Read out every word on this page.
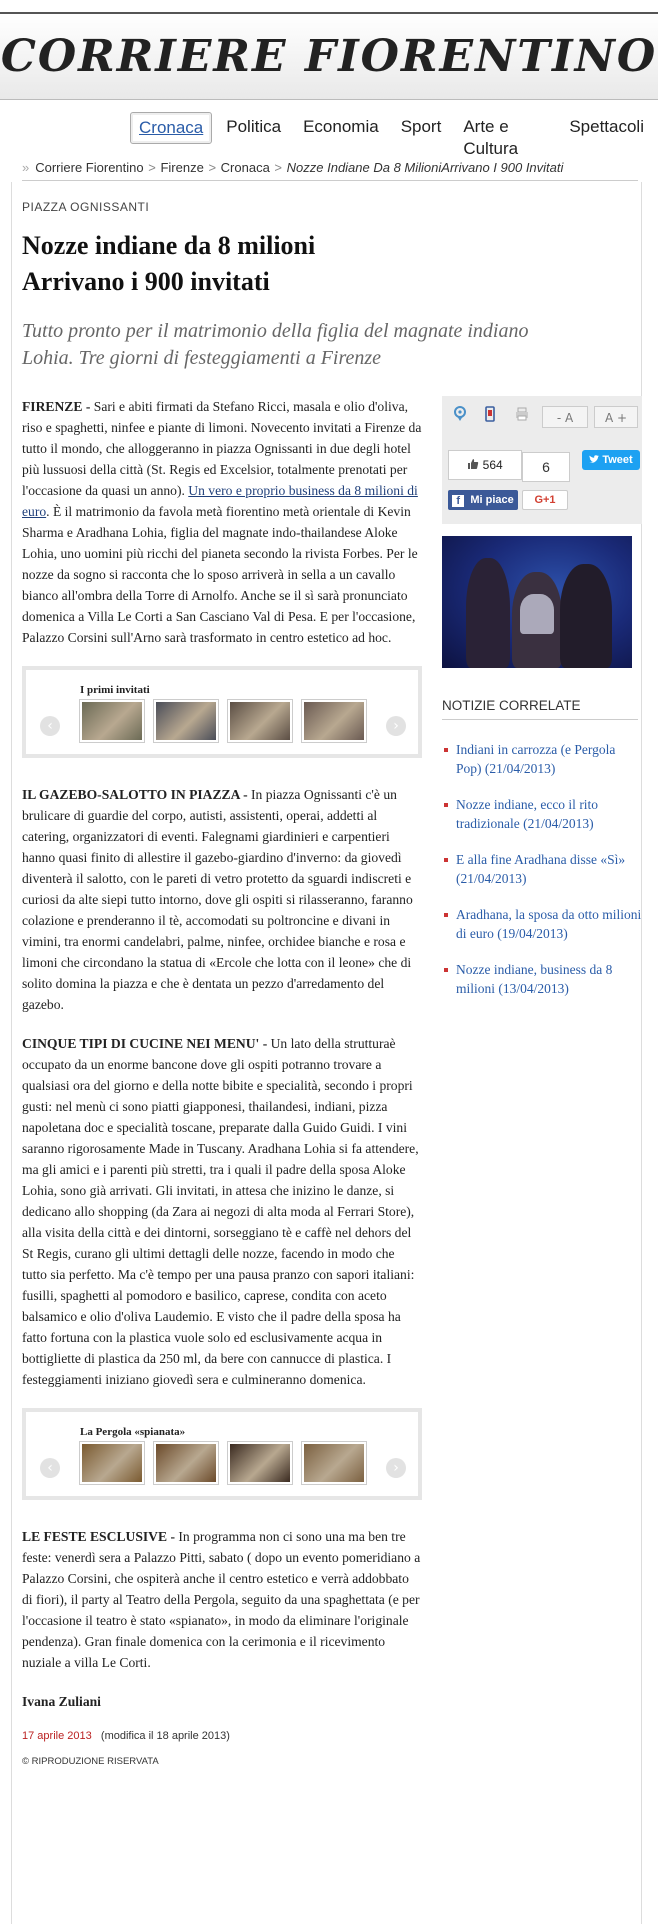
CORRIERE FIORENTINO
Cronaca	Politica	Economia	Sport	Arte e Cultura
Spettacoli
» Corriere Fiorentino > Firenze > Cronaca > Nozze Indiane Da 8 MilioniArrivano I 900 Invitati
PIAZZA OGNISSANTI
Nozze indiane da 8 milioni
Arrivano i 900 invitati
Tutto pronto per il matrimonio della figlia del magnate indiano Lohia. Tre giorni di festeggiamenti a Firenze

FIRENZE - Sari e abiti firmati da Stefano Ricci, masala e olio d'oliva, riso e spaghetti, ninfee e piante di limoni. Novecento invitati a Firenze da tutto il mondo, che alloggeranno in piazza Ognissanti in due degli hotel più lussuosi della città (St. Regis ed Excelsior, totalmente prenotati per l'occasione da quasi un anno). Un vero e proprio business da 8 milioni di euro. È il matrimonio da favola metà fiorentino metà orientale di Kevin Sharma e Aradhana Lohia, figlia del magnate indo-thailandese Aloke Lohia, uno uomini più ricchi del pianeta secondo la rivista Forbes. Per le nozze da sogno si racconta che lo sposo arriverà in sella a un cavallo bianco all'ombra della Torre di Arnolfo. Anche se il sì sarà pronunciato domenica a Villa Le Corti a San Casciano Val di Pesa. E per l'occasione, Palazzo Corsini sull'Arno sarà trasformato in centro estetico ad hoc.

I primi invitati
‹	›

IL GAZEBO-SALOTTO IN PIAZZA - In piazza Ognissanti c'è un brulicare di guardie del corpo, autisti, assistenti, operai, addetti al catering, organizzatori di eventi. Falegnami giardinieri e carpentieri hanno quasi finito di allestire il gazebo-giardino d'inverno: da giovedì diventerà il salotto, con le pareti di vetro protetto da sguardi indiscreti e curiosi da alte siepi tutto intorno, dove gli ospiti si rilasseranno, faranno colazione e prenderanno il tè, accomodati su poltroncine e divani in vimini, tra enormi candelabri, palme, ninfee, orchidee bianche e rosa e limoni che circondano la statua di «Ercole che lotta con il leone» che di solito domina la piazza e che è dentata un pezzo d'arredamento del gazebo.

CINQUE TIPI DI CUCINE NEI MENU' - Un lato della strutturaè occupato da un enorme bancone dove gli ospiti potranno trovare a qualsiasi ora del giorno e della notte bibite e specialità, secondo i propri gusti: nel menù ci sono piatti giapponesi, thailandesi, indiani, pizza napoletana doc e specialità toscane, preparate dalla Guido Guidi. I vini saranno rigorosamente Made in Tuscany. Aradhana Lohia si fa attendere, ma gli amici e i parenti più stretti, tra i quali il padre della sposa Aloke Lohia, sono già arrivati. Gli invitati, in attesa che inizino le danze, si dedicano allo shopping (da Zara ai negozi di alta moda al Ferrari Store), alla visita della città e dei dintorni, sorseggiano tè e caffè nel dehors del St Regis, curano gli ultimi dettagli delle nozze, facendo in modo che tutto sia perfetto. Ma c'è tempo per una pausa pranzo con sapori italiani: fusilli, spaghetti al pomodoro e basilico, caprese, condita con aceto balsamico e olio d'oliva Laudemio. E visto che il padre della sposa ha fatto fortuna con la plastica vuole solo ed esclusivamente acqua in bottigliette di plastica da 250 ml, da bere con cannucce di plastica. I festeggiamenti iniziano giovedì sera e culmineranno domenica.

La Pergola «spianata»
‹	›

LE FESTE ESCLUSIVE - In programma non ci sono una ma ben tre feste: venerdì sera a Palazzo Pitti, sabato ( dopo un evento pomeridiano a Palazzo Corsini, che ospiterà anche il centro estetico e verrà addobbato di fiori), il party al Teatro della Pergola, seguito da una spaghettata (e per l'occasione il teatro è stato «spianato», in modo da eliminare l'originale pendenza). Gran finale domenica con la cerimonia e il ricevimento nuziale a villa Le Corti.

Ivana Zuliani
17 aprile 2013 (modifica il 18 aprile 2013)
© RIPRODUZIONE RISERVATA
- A	A +
564	6	Tweet
f Mi piace	G+1
NOTIZIE CORRELATE
Indiani in carrozza (e Pergola Pop) (21/04/2013)
Nozze indiane, ecco il rito tradizionale (21/04/2013)
E alla fine Aradhana disse «Sì» (21/04/2013)
Aradhana, la sposa da otto milioni di euro (19/04/2013)
Nozze indiane, business da 8 milioni (13/04/2013)
